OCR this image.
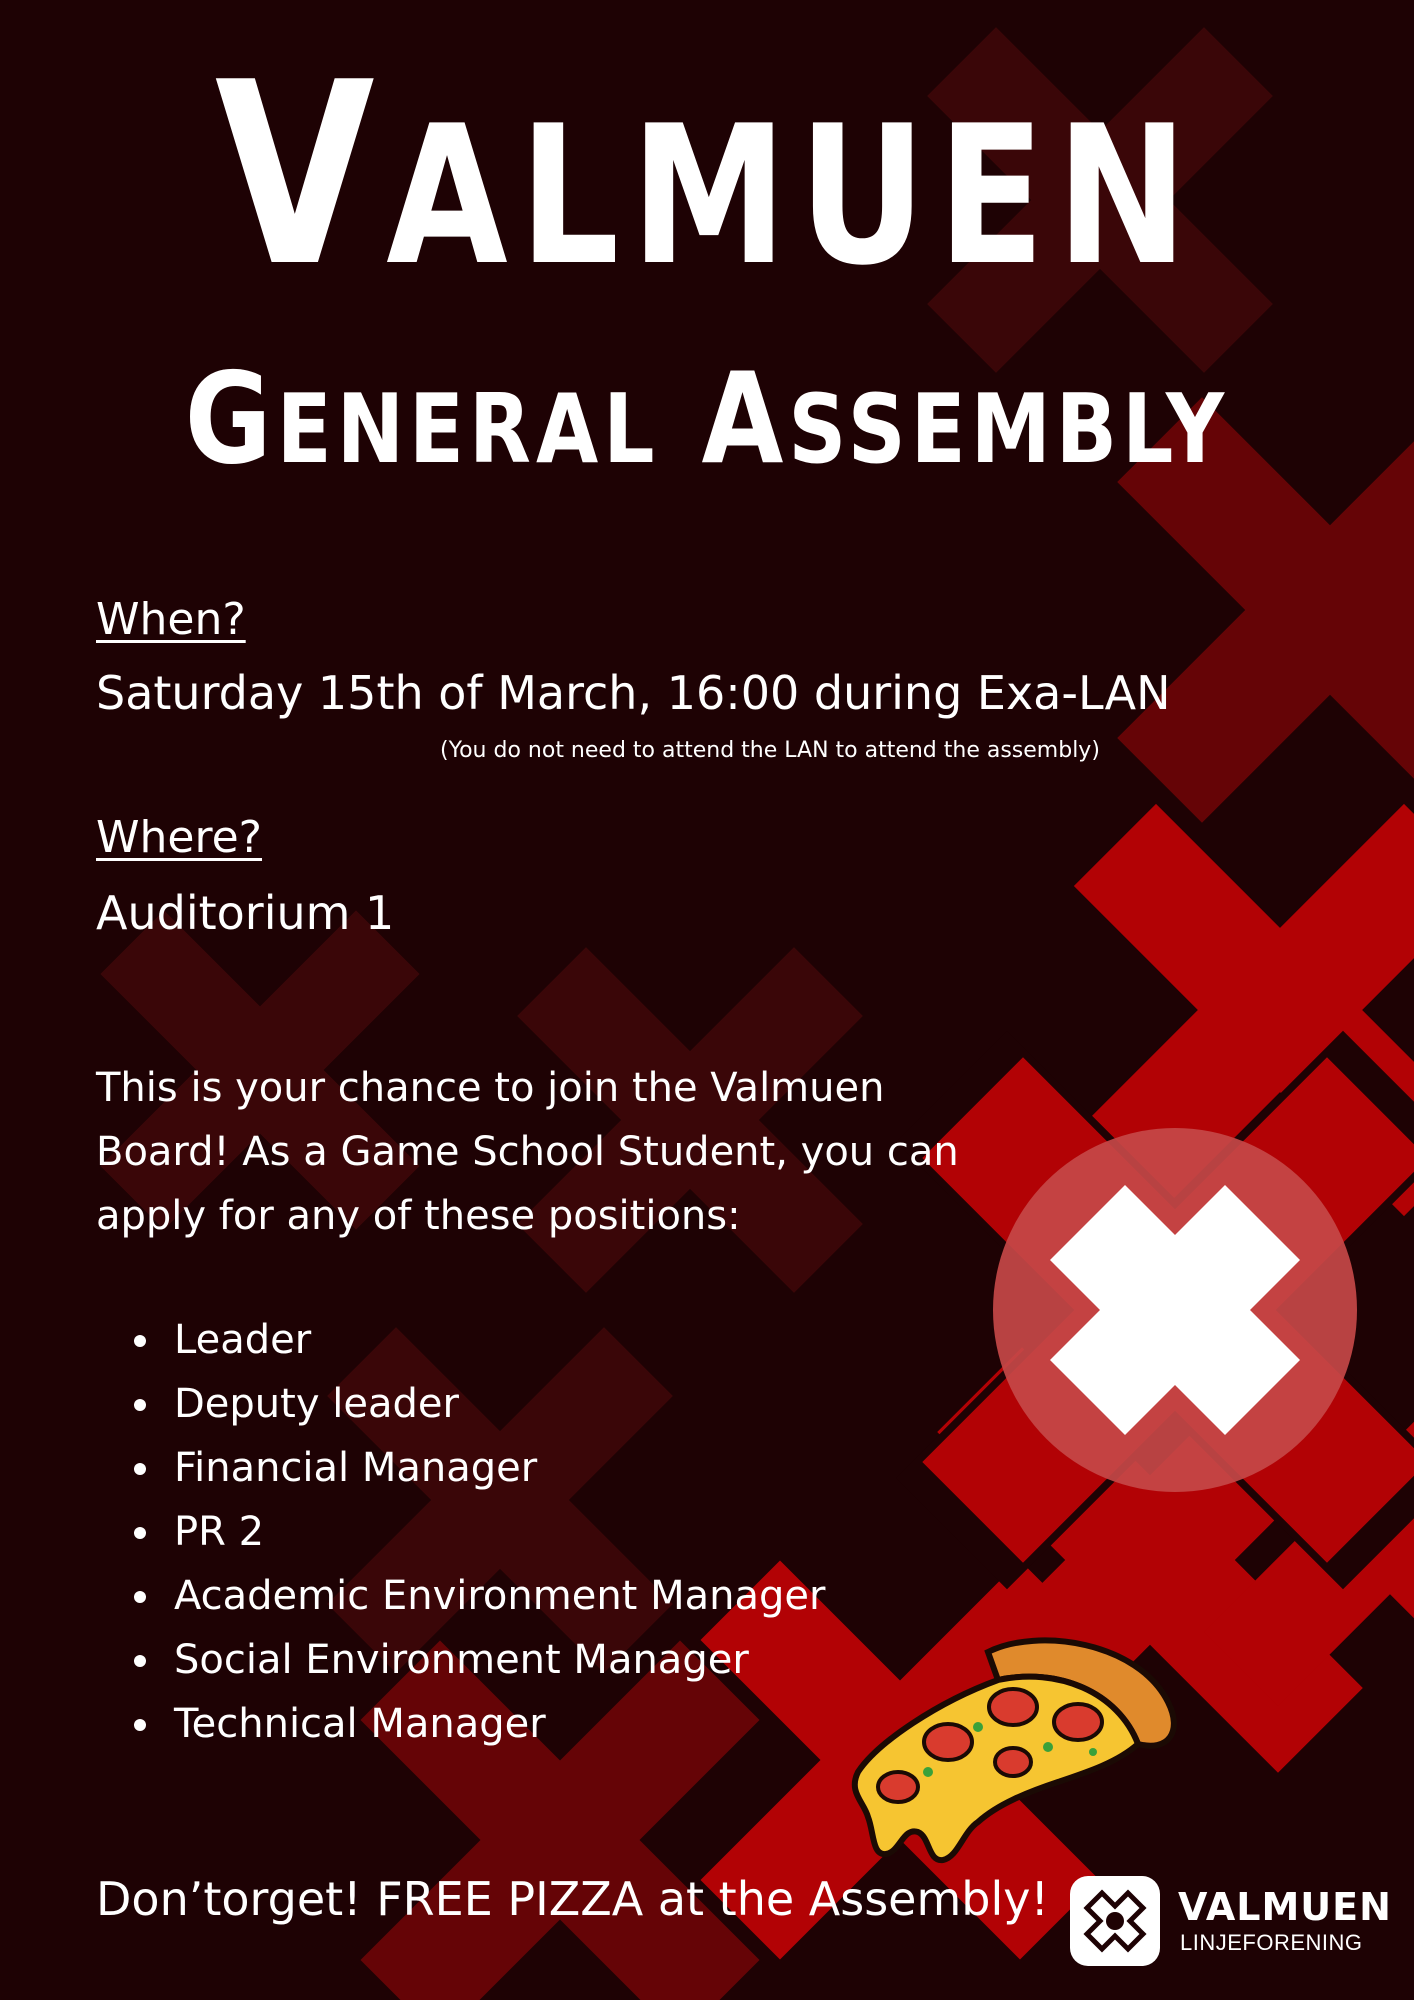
VALMUEN
GENERAL ASSEMBLY
When?
Saturday 15th of March, 16:00 during Exa-LAN
(You do not need to attend the LAN to attend the assembly)
Where?
Auditorium 1
This is your chance to join the Valmuen Board! As a Game School Student, you can apply for any of these positions:
Leader
Deputy leader
Financial Manager
PR 2
Academic Environment Manager
Social Environment Manager
Technical Manager
Don’torget! FREE PIZZA at the Assembly!	VALMUEN
LINJEFORENING
